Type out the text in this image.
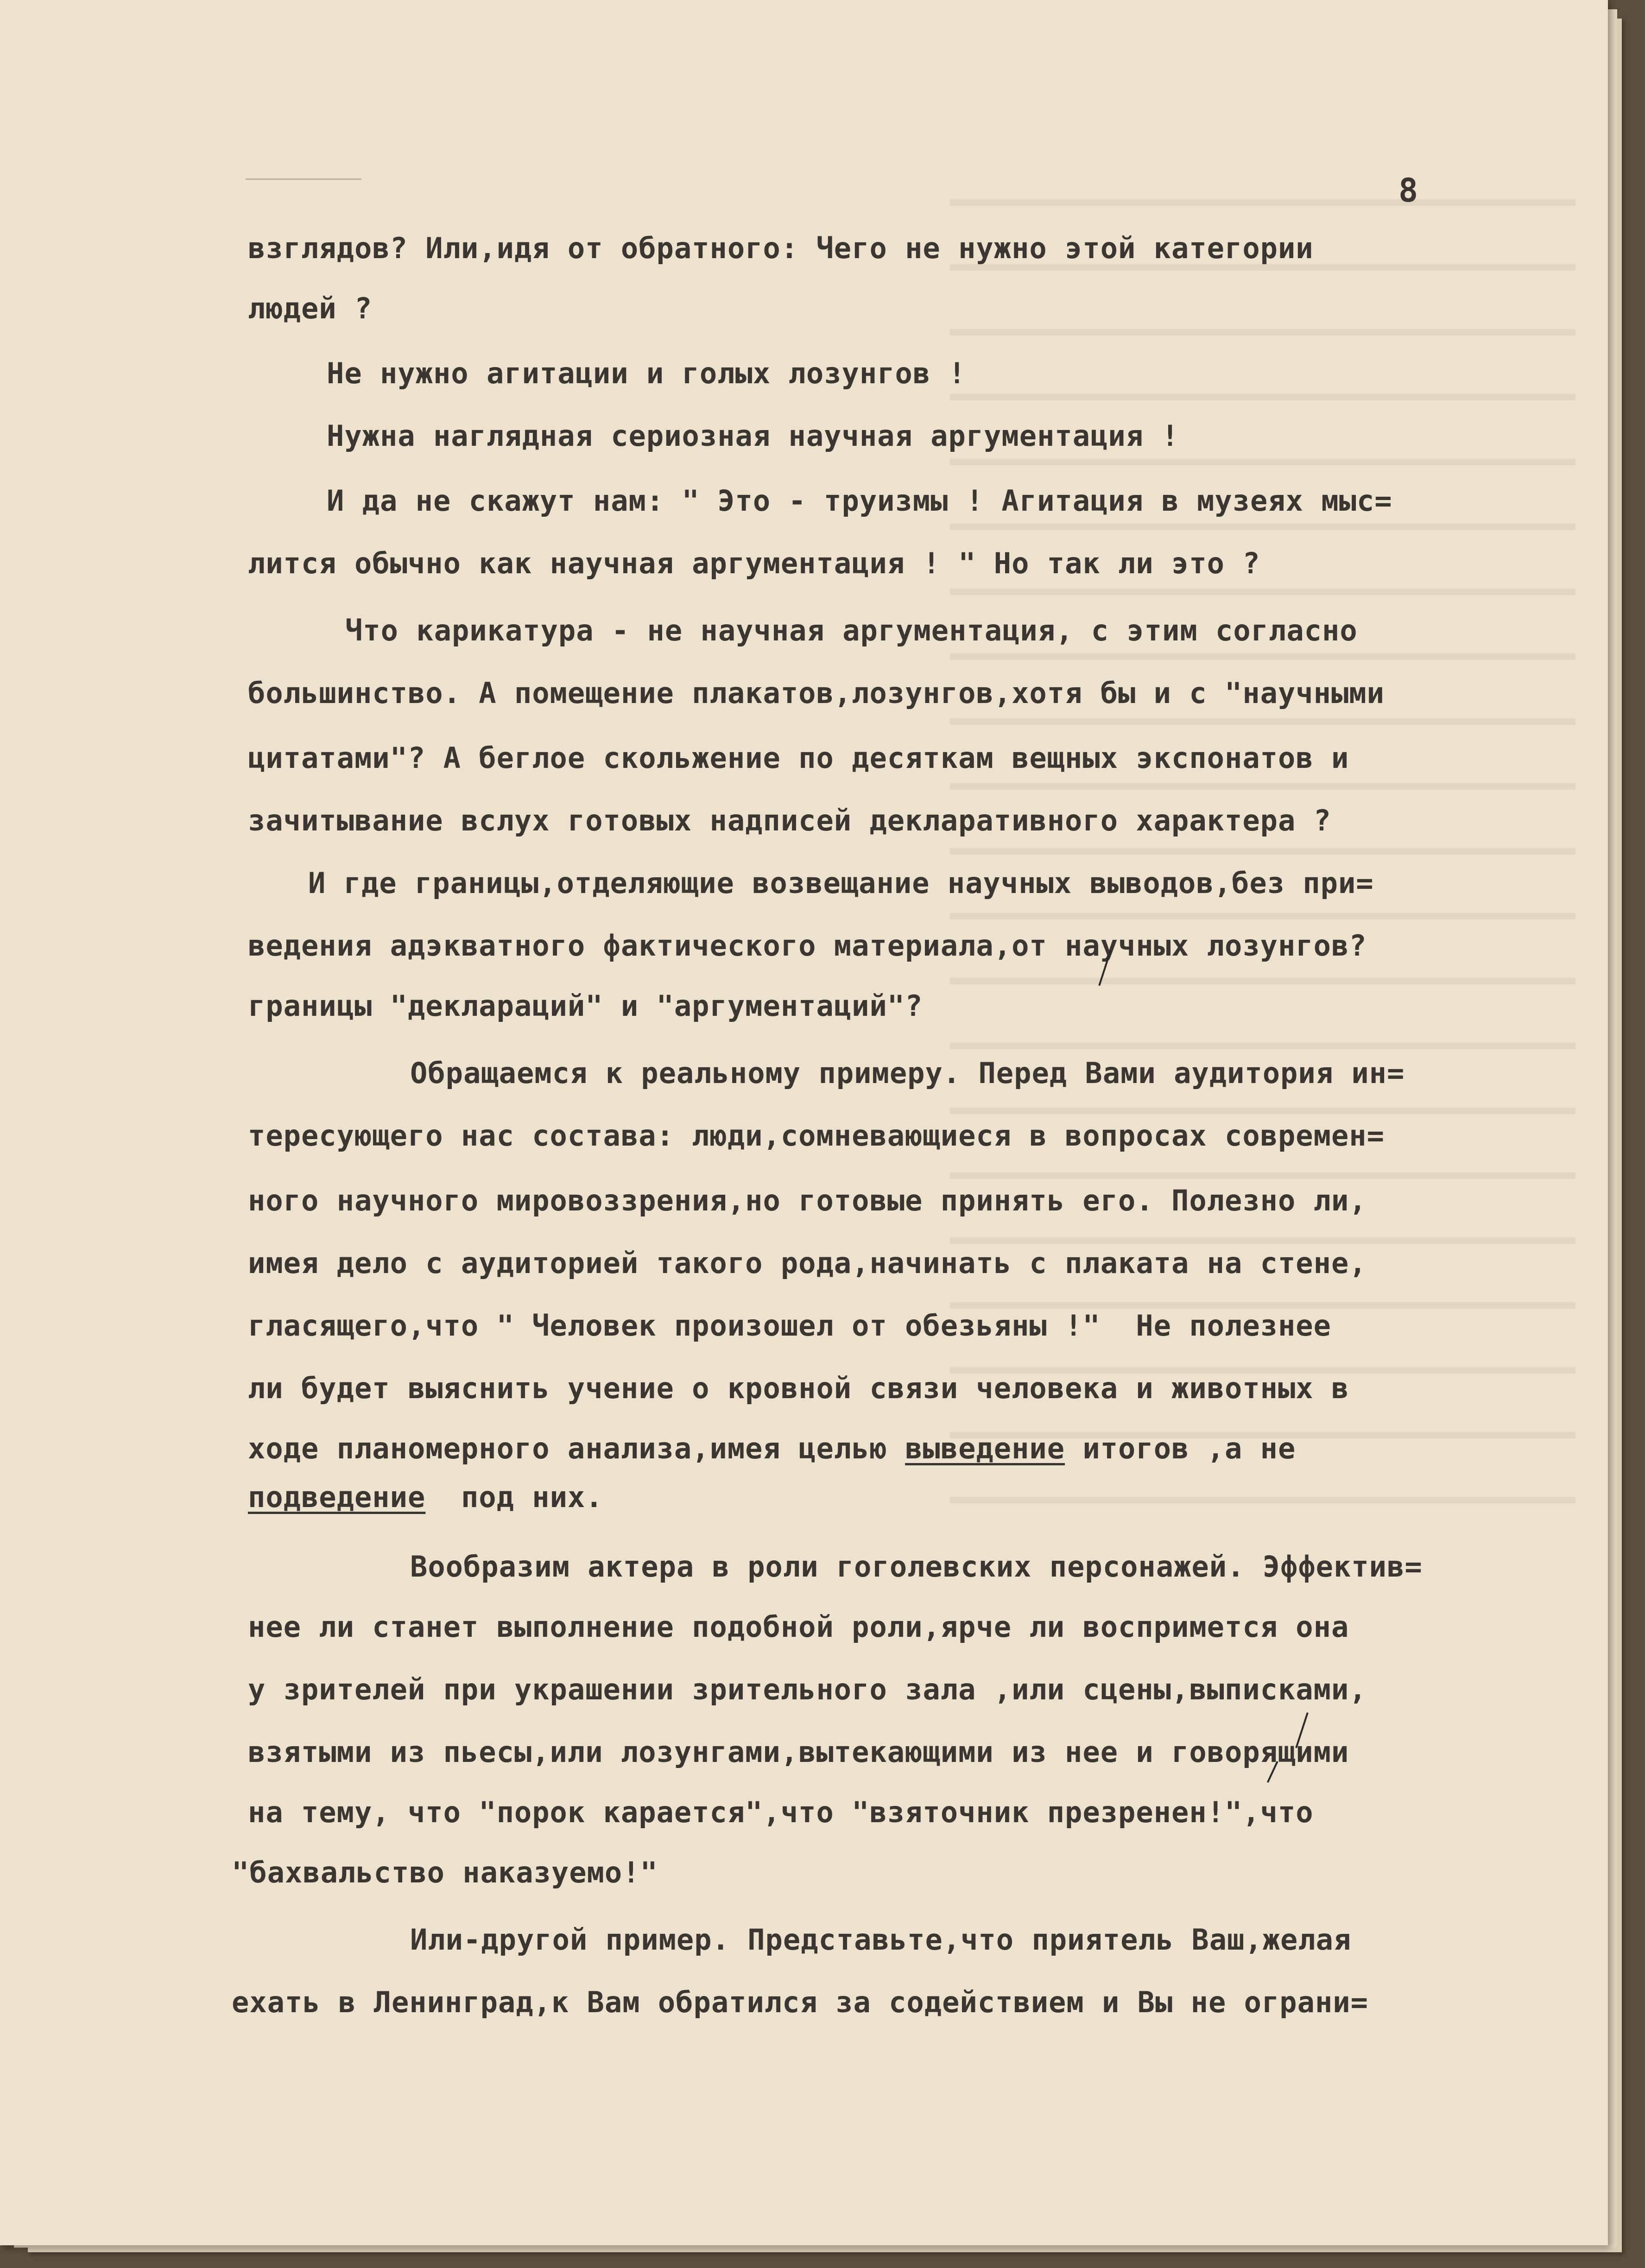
8
взглядов? Или,идя от обратного: Чего не нужно этой категории
людей ?
Не нужно агитации и голых лозунгов !
Нужна наглядная сериозная научная аргументация !
И да не скажут нам: " Это - труизмы ! Агитация в музеях мыс=
лится обычно как научная аргументация ! " Но так ли это ?
Что карикатура - не научная аргументация, с этим согласно
большинство. А помещение плакатов,лозунгов,хотя бы и с "научными
цитатами"? А беглое скольжение по десяткам вещных экспонатов и
зачитывание вслух готовых надписей декларативного характера ?
И где границы,отделяющие возвещание научных выводов,без при=
ведения адэкватного фактического материала,от научных лозунгов?
границы "деклараций" и "аргументаций"?
Обращаемся к реальному примеру. Перед Вами аудитория ин=
тересующего нас состава: люди,сомневающиеся в вопросах современ=
ного научного мировоззрения,но готовые принять его. Полезно ли,
имея дело с аудиторией такого рода,начинать с плаката на стене,
гласящего,что " Человек произошел от обезьяны !"  Не полезнее
ли будет выяснить учение о кровной связи человека и животных в
ходе планомерного анализа,имея целью выведение итогов ,а не
подведение под них.
Вообразим актера в роли гоголевских персонажей. Эффектив=
нее ли станет выполнение подобной роли,ярче ли воспримется она
у зрителей при украшении зрительного зала ,или сцены,выписками,
взятыми из пьесы,или лозунгами,вытекающими из нее и говорящими
на тему, что "порок карается",что "взяточник презренен!",что
"бахвальство наказуемо!"
Или-другой пример. Представьте,что приятель Ваш,желая
ехать в Ленинград,к Вам обратился за содействием и Вы не ограни=
